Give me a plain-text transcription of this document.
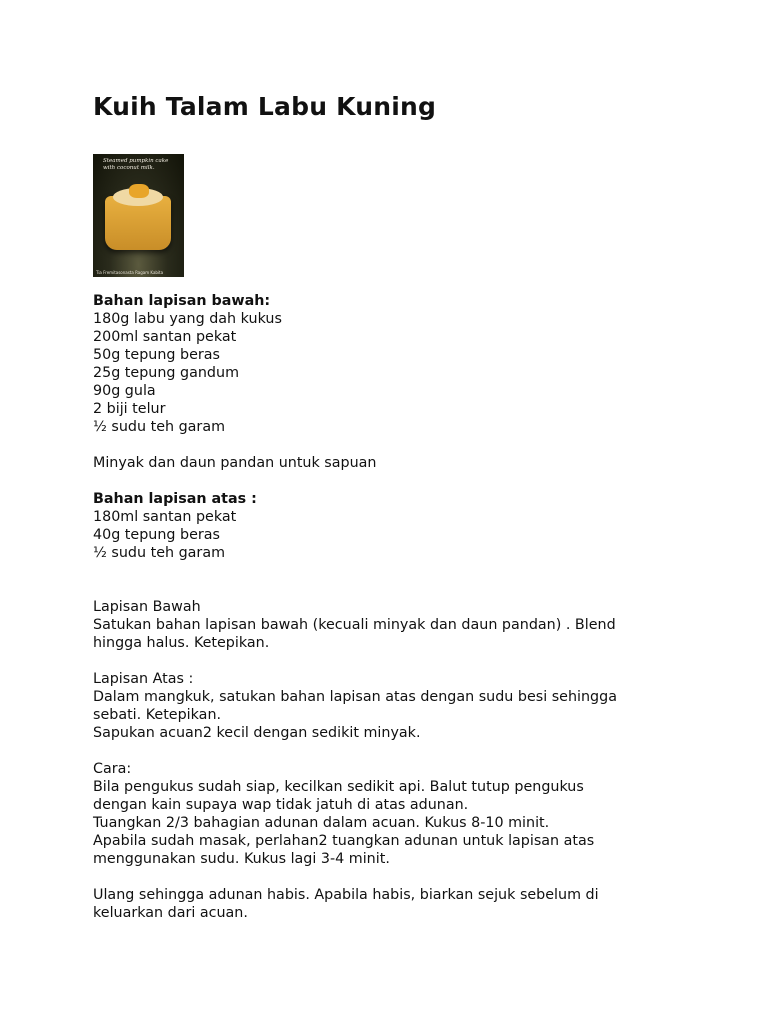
Kuih Talam Labu Kuning
Steamed pumpkin cake with coconut milk.
Tia Fremitasonasta Ragam Kabita
Bahan lapisan bawah:
180g labu yang dah kukus
200ml santan pekat
50g tepung beras
25g tepung gandum
90g gula
2 biji telur
½ sudu teh garam
Minyak dan daun pandan untuk sapuan
Bahan lapisan atas :
180ml santan pekat
40g tepung beras
½ sudu teh garam
Lapisan Bawah
Satukan bahan lapisan bawah (kecuali minyak dan daun pandan) . Blend
hingga halus. Ketepikan.
Lapisan Atas :
Dalam mangkuk, satukan bahan lapisan atas dengan sudu besi sehingga
sebati. Ketepikan.
Sapukan acuan2 kecil dengan sedikit minyak.
Cara:
Bila pengukus sudah siap, kecilkan sedikit api. Balut tutup pengukus
dengan kain supaya wap tidak jatuh di atas adunan.
Tuangkan 2/3 bahagian adunan dalam acuan. Kukus 8-10 minit.
Apabila sudah masak, perlahan2 tuangkan adunan untuk lapisan atas
menggunakan sudu. Kukus lagi 3-4 minit.
Ulang sehingga adunan habis. Apabila habis, biarkan sejuk sebelum di
keluarkan dari acuan.
